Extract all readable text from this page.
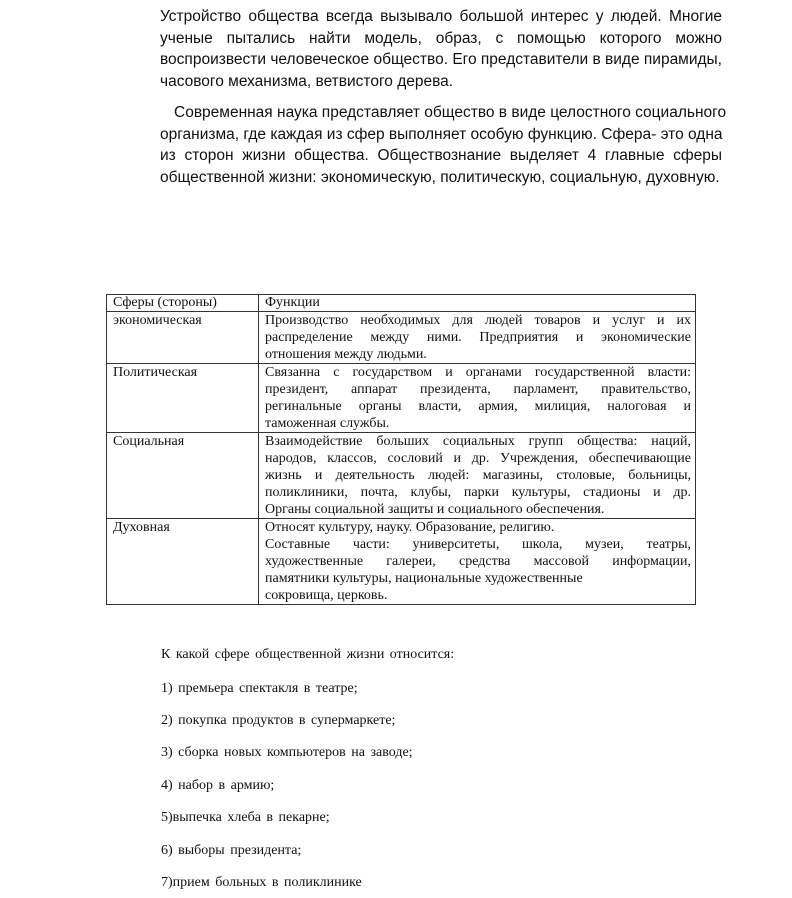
Устройство общества всегда вызывало большой интерес у людей. Многие
ученые пытались найти модель, образ, с помощью которого можно
воспроизвести человеческое общество. Его представители в виде пирамиды,
часового механизма, ветвистого дерева.
Современная наука представляет общество в виде целостного социального
организма, где каждая из сфер выполняет особую функцию. Сфера- это одна
из сторон жизни общества. Обществознание выделяет 4 главные сферы
общественной жизни: экономическую, политическую, социальную, духовную.
Сферы (стороны)	Функции
экономическая	Производство необходимых для людей товаров и услуг и их
распределение между ними. Предприятия и экономические
отношения между людьми.

Политическая	Связанна с государством и органами государственной власти:
президент, аппарат президента, парламент, правительство,
регинальные органы власти, армия, милиция, налоговая и
таможенная службы.

Социальная	Взаимодействие больших социальных групп общества: наций,
народов, классов, сословий и др. Учреждения, обеспечивающие
жизнь и деятельность людей: магазины, столовые, больницы,
поликлиники, почта, клубы, парки культуры, стадионы и др.
Органы социальной защиты и социального обеспечения.

Духовная	Относят культуру, науку. Образование, религию.
Составные части: университеты, школа, музеи, театры,
художественные галереи, средства массовой информации,
памятники культуры, национальные художественные
сокровища, церковь.
К какой сфере общественной жизни относится:
1) премьера спектакля в театре;
2) покупка продуктов в супермаркете;
3) сборка новых компьютеров на заводе;
4) набор в армию;
5)выпечка хлеба в пекарне;
6) выборы президента;
7)прием больных в поликлинике
